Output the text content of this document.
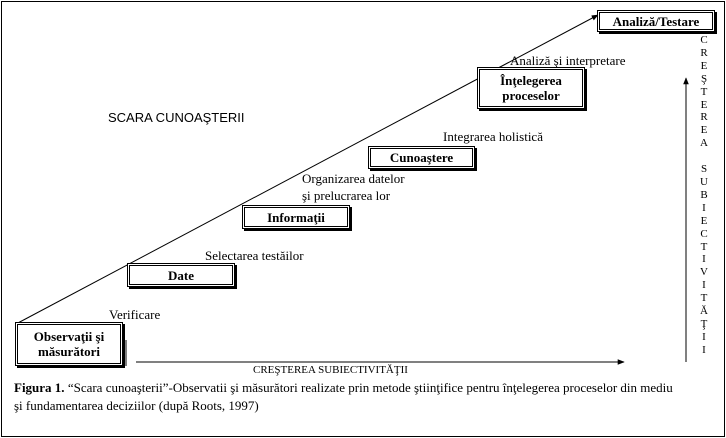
SCARA CUNOAŞTERII
Observaţii şi
măsurători
Date
Informaţii
Cunoaştere
Înţelegerea
proceselor
Analiză/Testare
Verificare
Selectarea testăilor
Organizarea datelor
şi prelucrarea lor
Integrarea holistică
Analiză şi interpretare
CREŞTEREA SUBIECTIVITĂŢII
C
R
E
Ş
T
E
R
E
A

S
U
B
I
E
C
T
I
V
I
T
Ă
Ţ
I
I
Figura 1. “Scara cunoaşterii”-Observatii şi măsurători realizate prin metode ştiinţifice pentru înţelegerea proceselor din mediu şi fundamentarea deciziilor (după Roots, 1997)
